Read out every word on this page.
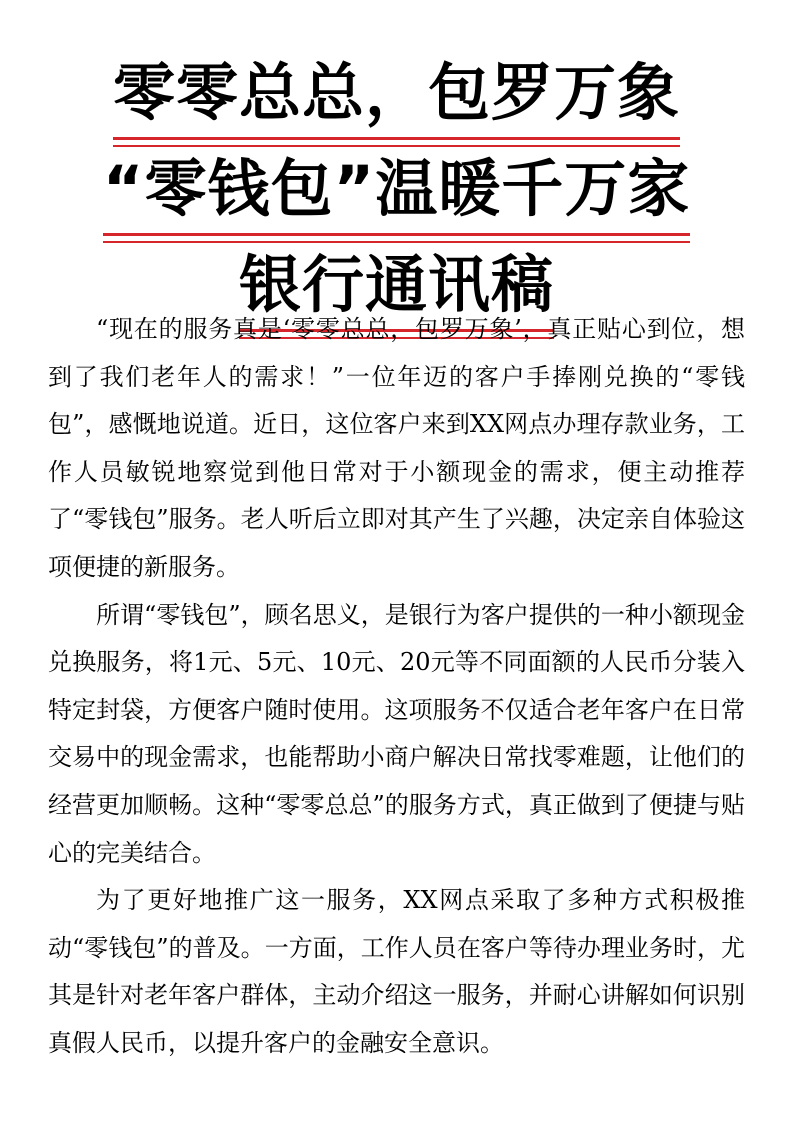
零零总总，包罗万象
“零钱包”温暖千万家
银行通讯稿

“现在的服务真是‘零零总总，包罗万象’，真正贴心到位，想到了我们老年人的需求！”一位年迈的客户手捧刚兑换的“零钱包”，感慨地说道。近日，这位客户来到XX网点办理存款业务，工作人员敏锐地察觉到他日常对于小额现金的需求，便主动推荐了“零钱包”服务。老人听后立即对其产生了兴趣，决定亲自体验这项便捷的新服务。

所谓“零钱包”，顾名思义，是银行为客户提供的一种小额现金兑换服务，将1元、5元、10元、20元等不同面额的人民币分装入特定封袋，方便客户随时使用。这项服务不仅适合老年客户在日常交易中的现金需求，也能帮助小商户解决日常找零难题，让他们的经营更加顺畅。这种“零零总总”的服务方式，真正做到了便捷与贴心的完美结合。

为了更好地推广这一服务，XX网点采取了多种方式积极推动“零钱包”的普及。一方面，工作人员在客户等待办理业务时，尤其是针对老年客户群体，主动介绍这一服务，并耐心讲解如何识别真假人民币，以提升客户的金融安全意识。
